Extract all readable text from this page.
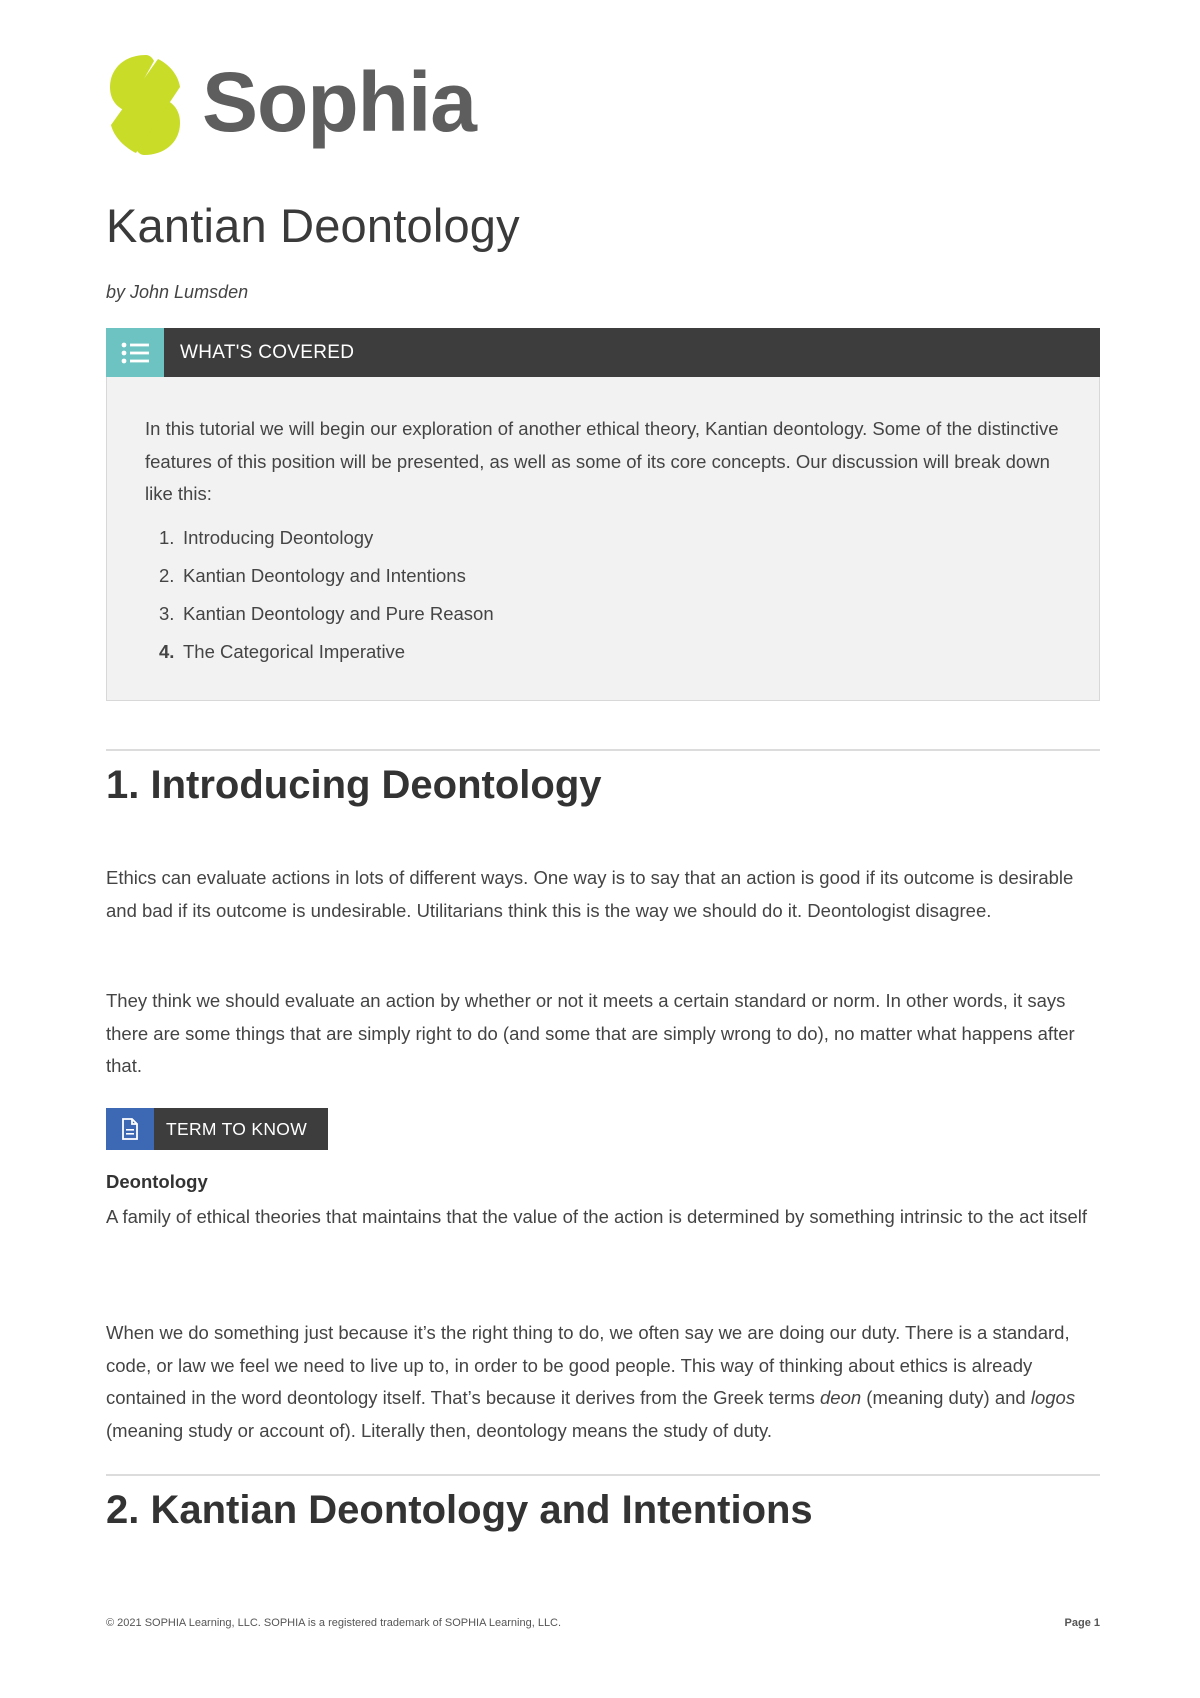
Sophia
Kantian Deontology
by John Lumsden
WHAT'S COVERED

In this tutorial we will begin our exploration of another ethical theory, Kantian deontology. Some of the distinctive features of this position will be presented, as well as some of its core concepts. Our discussion will break down like this:

1. Introducing Deontology
2. Kantian Deontology and Intentions
3. Kantian Deontology and Pure Reason
4. The Categorical Imperative
1. Introducing Deontology

Ethics can evaluate actions in lots of different ways. One way is to say that an action is good if its outcome is desirable and bad if its outcome is undesirable. Utilitarians think this is the way we should do it. Deontologist disagree.

They think we should evaluate an action by whether or not it meets a certain standard or norm. In other words, it says there are some things that are simply right to do (and some that are simply wrong to do), no matter what happens after that.

TERM TO KNOW
Deontology

A family of ethical theories that maintains that the value of the action is determined by something intrinsic to the act itself

When we do something just because it’s the right thing to do, we often say we are doing our duty. There is a standard, code, or law we feel we need to live up to, in order to be good people. This way of thinking about ethics is already contained in the word deontology itself. That’s because it derives from the Greek terms deon (meaning duty) and logos (meaning study or account of). Literally then, deontology means the study of duty.

2. Kantian Deontology and Intentions
© 2021 SOPHIA Learning, LLC. SOPHIA is a registered trademark of SOPHIA Learning, LLC.	Page 1
